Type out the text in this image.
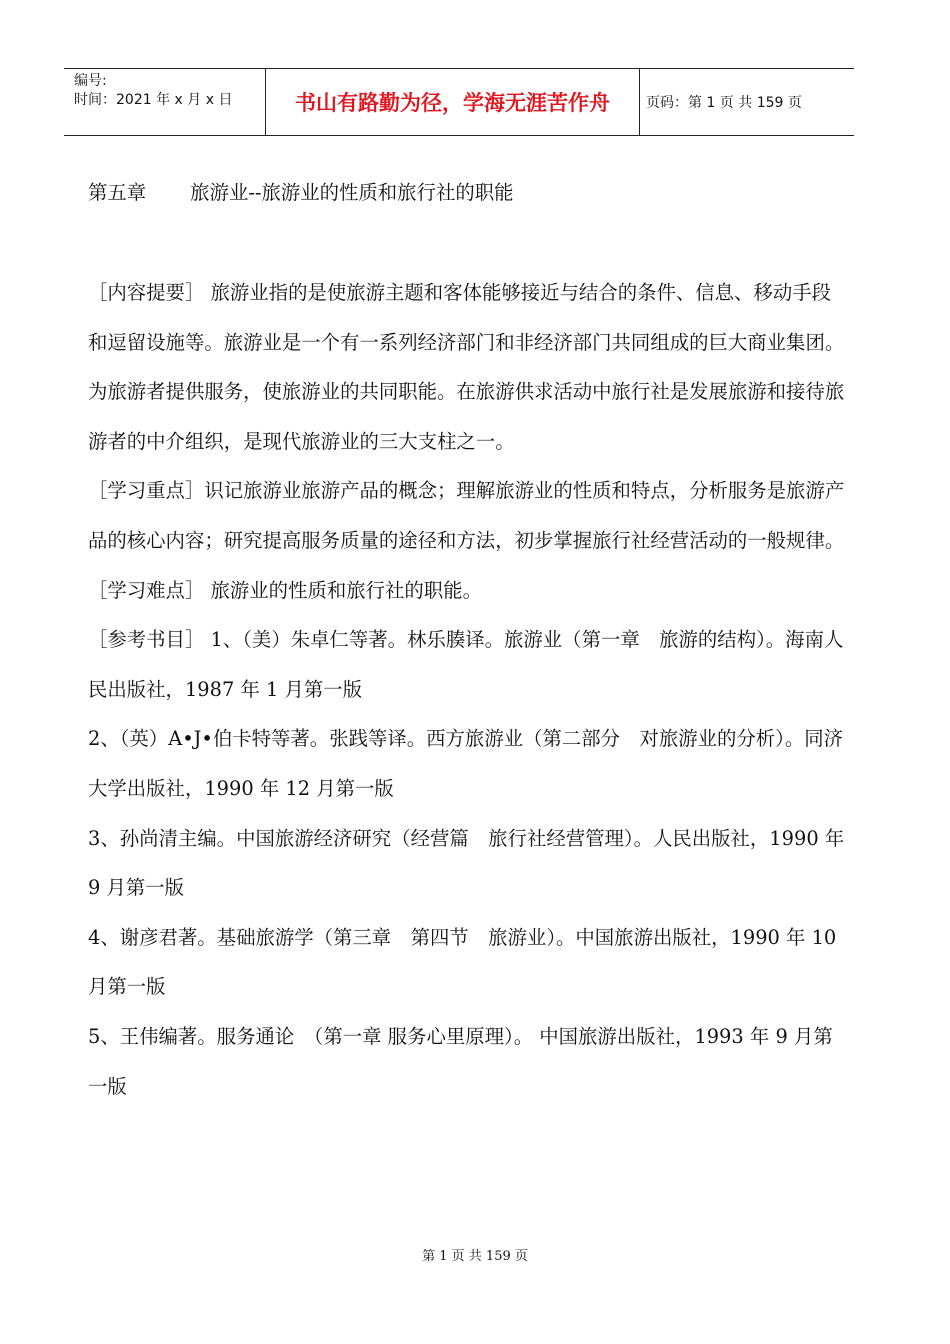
编号:
时间：2021 年 x 月 x 日	书山有路勤为径，学海无涯苦作舟	页码：第 1 页 共 159 页

第五章 旅游业--旅游业的性质和旅行社的职能

［内容提要］ 旅游业指的是使旅游主题和客体能够接近与结合的条件、信息、移动手段和逗留设施等。旅游业是一个有一系列经济部门和非经济部门共同组成的巨大商业集团。为旅游者提供服务，使旅游业的共同职能。在旅游供求活动中旅行社是发展旅游和接待旅游者的中介组织，是现代旅游业的三大支柱之一。

［学习重点］识记旅游业旅游产品的概念；理解旅游业的性质和特点，分析服务是旅游产品的核心内容；研究提高服务质量的途径和方法，初步掌握旅行社经营活动的一般规律。

［学习难点］ 旅游业的性质和旅行社的职能。

［参考书目］ 1、（美）朱卓仁等著。林乐腠译。旅游业（第一章　旅游的结构）。海南人民出版社，1987 年 1 月第一版

2、（英）A•J•伯卡特等著。张践等译。西方旅游业（第二部分　对旅游业的分析）。同济大学出版社，1990 年 12 月第一版

3、孙尚清主编。中国旅游经济研究（经营篇　旅行社经营管理）。人民出版社，1990 年 9 月第一版

4、谢彦君著。基础旅游学（第三章　第四节　旅游业）。中国旅游出版社，1990 年 10 月第一版

5、王伟编著。服务通论　（第一章 服务心里原理）。 中国旅游出版社，1993 年 9 月第一版

第 1 页 共 159 页
